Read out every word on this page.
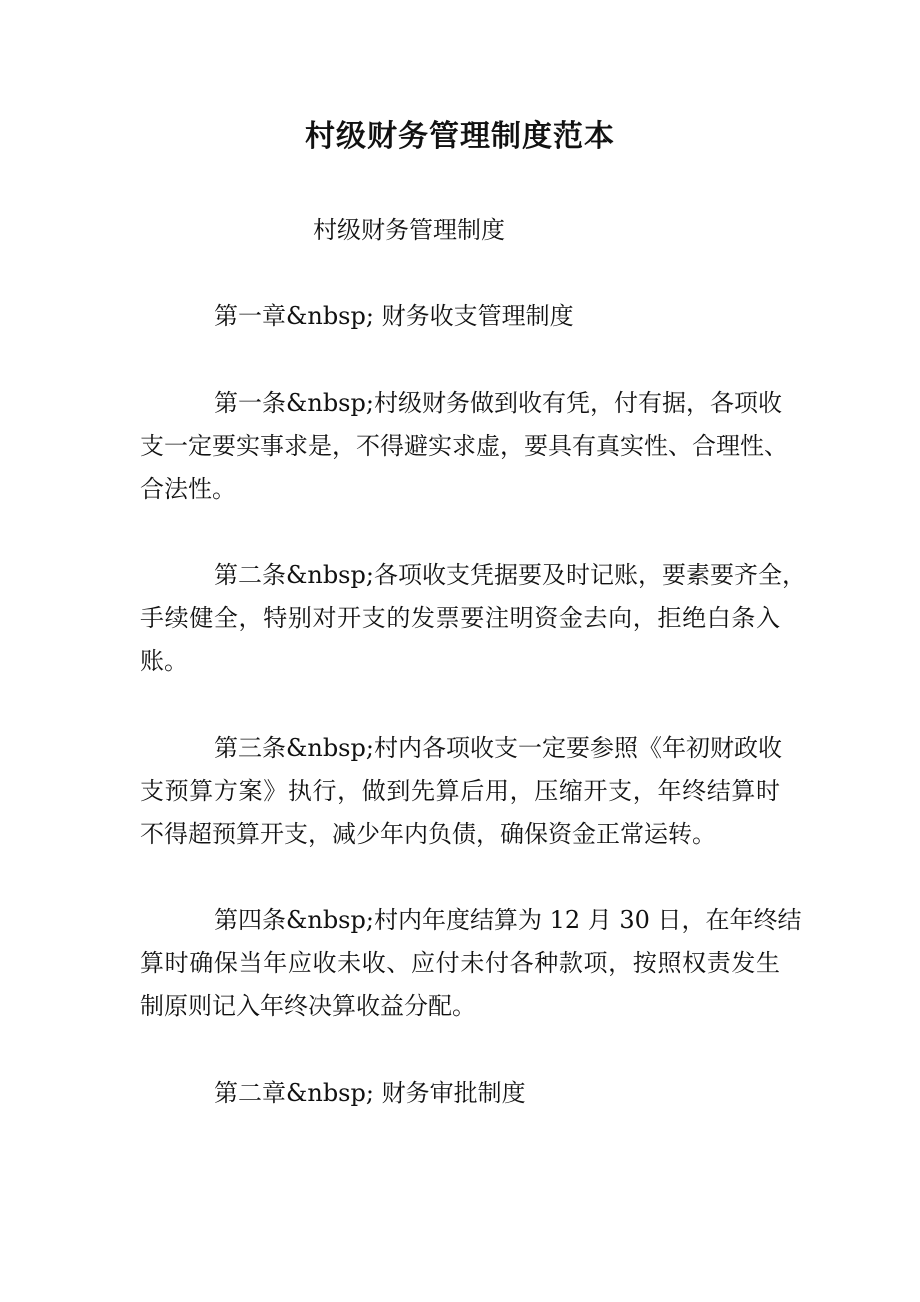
村级财务管理制度范本
村级财务管理制度
第一章&nbsp; 财务收支管理制度
第一条&nbsp;村级财务做到收有凭，付有据，各项收
支一定要实事求是，不得避实求虚，要具有真实性、合理性、
合法性。
第二条&nbsp;各项收支凭据要及时记账，要素要齐全，
手续健全，特别对开支的发票要注明资金去向，拒绝白条入
账。
第三条&nbsp;村内各项收支一定要参照《年初财政收
支预算方案》执行，做到先算后用，压缩开支，年终结算时
不得超预算开支，减少年内负债，确保资金正常运转。
第四条&nbsp;村内年度结算为 12 月 30 日，在年终结
算时确保当年应收未收、应付未付各种款项，按照权责发生
制原则记入年终决算收益分配。
第二章&nbsp; 财务审批制度
